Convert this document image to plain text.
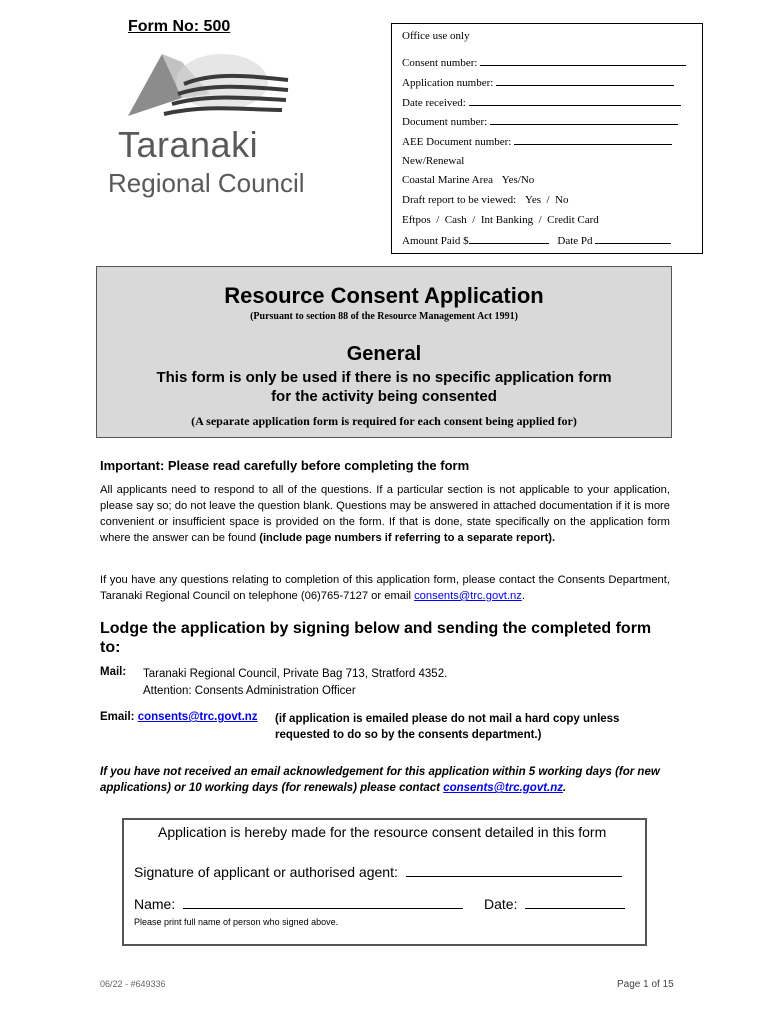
Form No: 500
Taranaki
Regional Council
Office use only
Consent number:
Application number:
Date received:
Document number:
AEE Document number:
New/Renewal
Coastal Marine Area Yes/No
Draft report to be viewed: Yes  /  No
Eftpos  /  Cash  /  Int Banking  /  Credit Card
Amount Paid $	Date Pd
Resource Consent Application
(Pursuant to section 88 of the Resource Management Act 1991)
General
This form is only be used if there is no specific application form
for the activity being consented
(A separate application form is required for each consent being applied for)
Important: Please read carefully before completing the form
All applicants need to respond to all of the questions. If a particular section is not applicable to your application, please say so; do not leave the question blank. Questions may be answered in attached documentation if it is more convenient or insufficient space is provided on the form. If that is done, state specifically on the application form where the answer can be found (include page numbers if referring to a separate report).
If you have any questions relating to completion of this application form, please contact the Consents Department, Taranaki Regional Council on telephone (06)765-7127 or email consents@trc.govt.nz.
Lodge the application by signing below and sending the completed form to:
Mail: Taranaki Regional Council, Private Bag 713, Stratford 4352.
Attention: Consents Administration Officer
Email: consents@trc.govt.nz (if application is emailed please do not mail a hard copy unless requested to do so by the consents department.)
If you have not received an email acknowledgement for this application within 5 working days (for new applications) or 10 working days (for renewals) please contact consents@trc.govt.nz.
Application is hereby made for the resource consent detailed in this form
Signature of applicant or authorised agent:
Name:	Date:
Please print full name of person who signed above.
06/22 - #649336	Page 1 of 15
